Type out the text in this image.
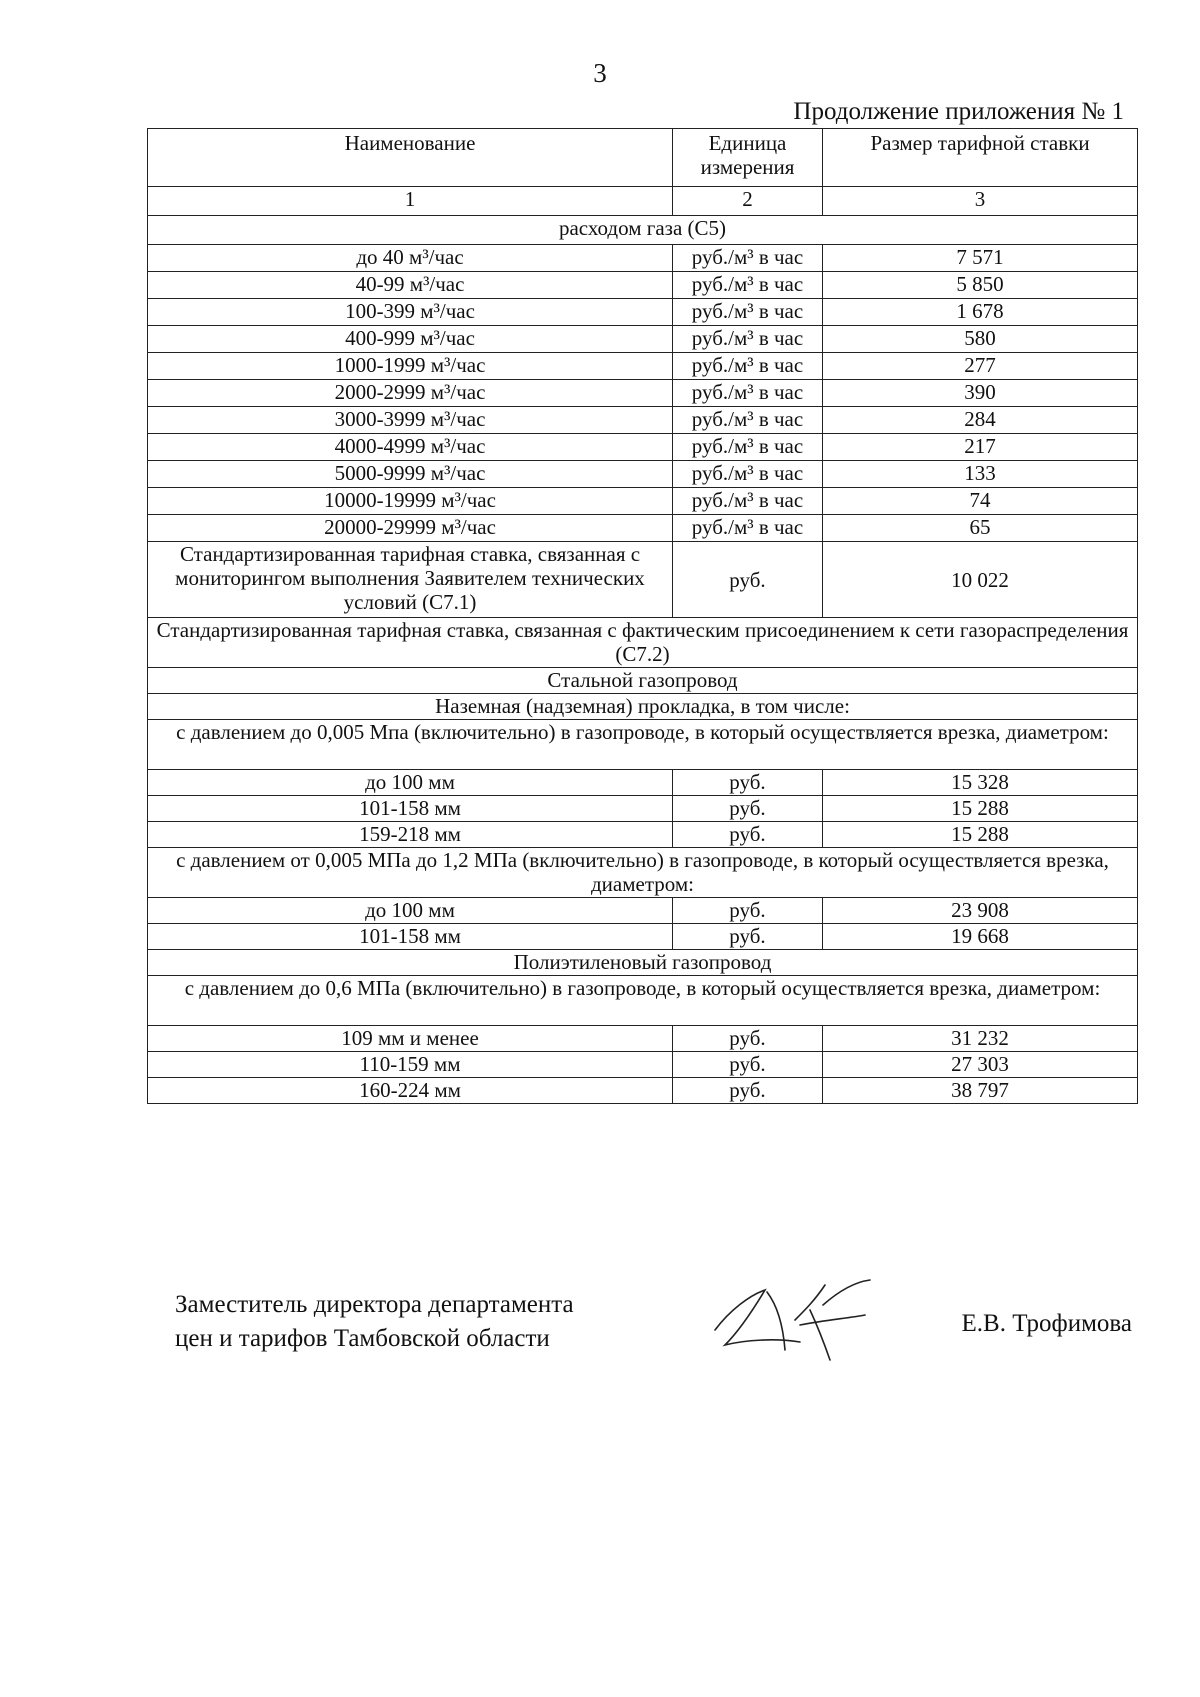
3
Продолжение приложения № 1
Наименование	Единица измерения	Размер тарифной ставки
1	2	3
расходом газа (C5)		
до 40 м³/час	руб./м³ в час	7 571
40-99 м³/час	руб./м³ в час	5 850
100-399 м³/час	руб./м³ в час	1 678
400-999 м³/час	руб./м³ в час	580
1000-1999 м³/час	руб./м³ в час	277
2000-2999 м³/час	руб./м³ в час	390
3000-3999 м³/час	руб./м³ в час	284
4000-4999 м³/час	руб./м³ в час	217
5000-9999 м³/час	руб./м³ в час	133
10000-19999 м³/час	руб./м³ в час	74
20000-29999 м³/час	руб./м³ в час	65
Стандартизированная тарифная ставка, связанная с мониторингом выполнения Заявителем технических условий (C7.1)	руб.	10 022
Стандартизированная тарифная ставка, связанная с фактическим присоединением к сети газораспределения (C7.2)		
Стальной газопровод		
Наземная (надземная) прокладка, в том числе:		
с давлением до 0,005 Мпа (включительно) в газопроводе, в который осуществляется врезка, диаметром:		
до 100 мм	руб.	15 328
101-158 мм	руб.	15 288
159-218 мм	руб.	15 288
с давлением от 0,005 МПа до 1,2 МПа (включительно) в газопроводе, в который осуществляется врезка, диаметром:		
до 100 мм	руб.	23 908
101-158 мм	руб.	19 668
Полиэтиленовый газопровод		
с давлением до 0,6 МПа (включительно) в газопроводе, в который осуществляется врезка, диаметром:		
109 мм и менее	руб.	31 232
110-159 мм	руб.	27 303
160-224 мм	руб.	38 797
Заместитель директора департамента
цен и тарифов Тамбовской области
Е.В. Трофимова
